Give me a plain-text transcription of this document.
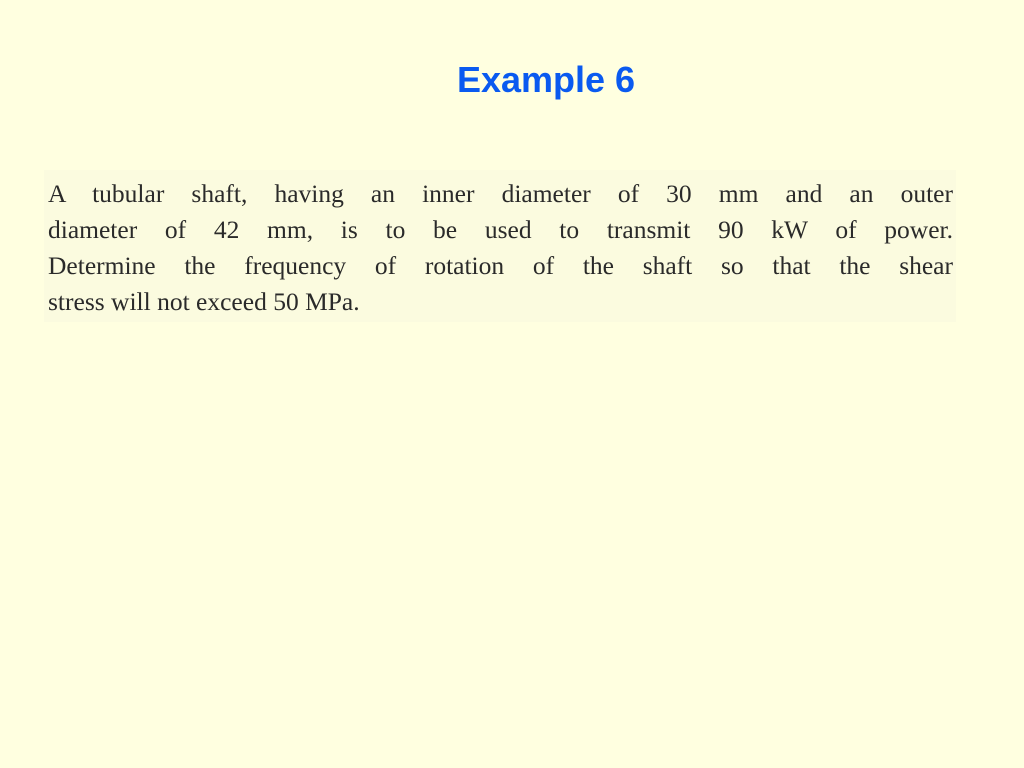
Example 6
A tubular shaft, having an inner diameter of 30 mm and an outer
diameter of 42 mm, is to be used to transmit 90 kW of power.
Determine the frequency of rotation of the shaft so that the shear
stress will not exceed 50 MPa.
